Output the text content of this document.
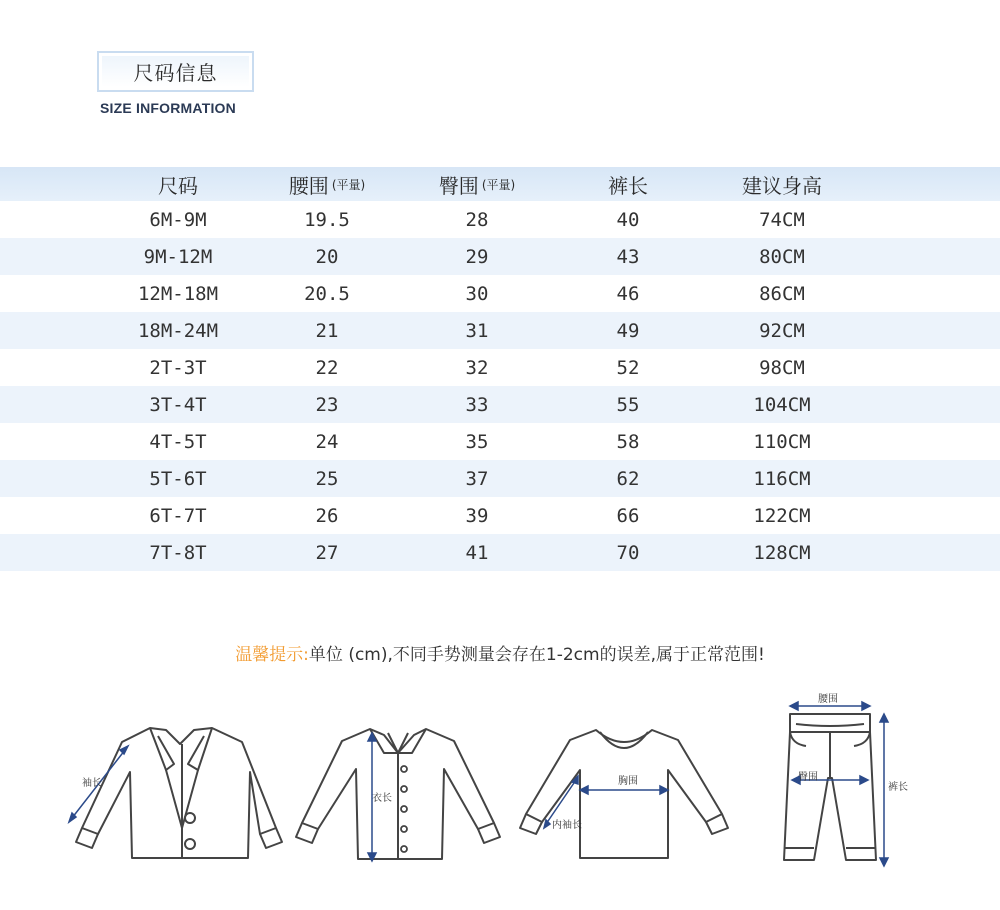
尺码信息
SIZE INFORMATION
尺码	腰围 (平量)	臀围 (平量)	裤长	建议身高
6M-9M	19.5	28	40	74CM
9M-12M	20	29	43	80CM
12M-18M	20.5	30	46	86CM
18M-24M	21	31	49	92CM
2T-3T	22	32	52	98CM
3T-4T	23	33	55	104CM
4T-5T	24	35	58	110CM
5T-6T	25	37	62	116CM
6T-7T	26	39	66	122CM
7T-8T	27	41	70	128CM
温馨提示:单位 (cm),不同手势测量会存在1-2cm的误差,属于正常范围!
袖长
衣长
胸围
内袖长
腰围
臀围
裤长
